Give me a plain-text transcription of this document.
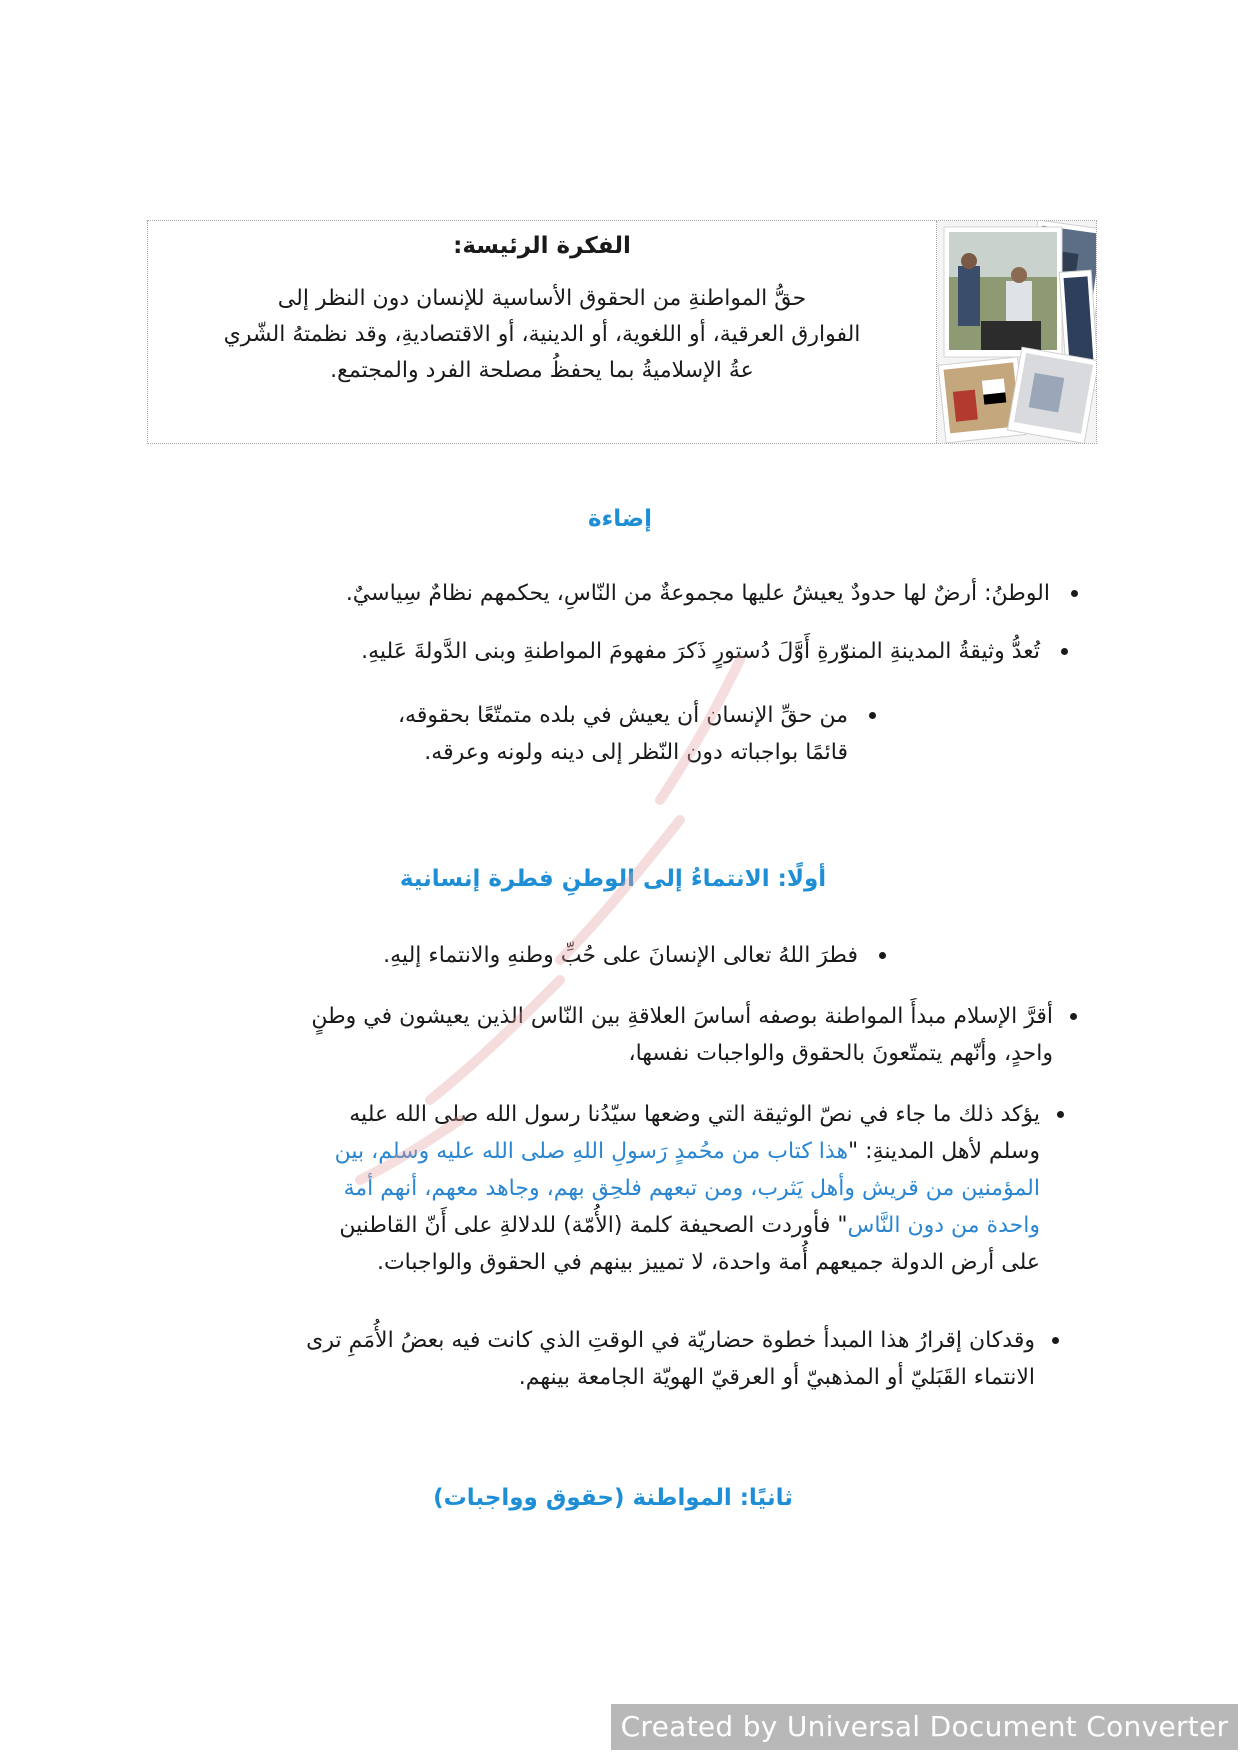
الفكرة الرئيسة:

حقُّ المواطنةِ من الحقوق الأساسية للإنسان دون النظر إلى
الفوارق العرقية، أو اللغوية، أو الدينية، أو الاقتصاديةِ، وقد نظمتهُ الشّري
عةُ الإسلاميةُ بما يحفظُ مصلحة الفرد والمجتمع.

إضاءة
الوطنُ: أرضٌ لها حدودٌ يعيشُ عليها مجموعةٌ من النّاسِ، يحكمهم نظامٌ سِياسيٌ.
تُعدُّ وثيقةُ المدينةِ المنوّرةِ أَوَّلَ دُستورٍ ذَكرَ مفهومَ المواطنةِ وبنى الدَّولةَ عَليهِ.
من حقِّ الإنسان أن يعيش في بلده متمتّعًا بحقوقه،
قائمًا بواجباته دون النّظر إلى دينه ولونه وعرقه.
أولًا: الانتماءُ إلى الوطنِ فطرة إنسانية
فطرَ اللهُ تعالى الإنسانَ على حُبِّ وطنهِ والانتماء إليهِ.
أقرَّ الإسلام مبدأَ المواطنة بوصفه أساسَ العلاقةِ بين النّاس الذين يعيشون في وطنٍ
واحدٍ، وأنّهم يتمتّعونَ بالحقوق والواجبات نفسها،
يؤكد ذلك ما جاء في نصّ الوثيقة التي وضعها سيّدُنا رسول الله صلى الله عليه
وسلم لأهل المدينةِ: "هذا كتاب من محُمدٍ رَسولِ اللهِ صلى الله عليه وسلم، بين
المؤمنين من قريش وأهل يَثرب، ومن تبعهم فلحِق بهم، وجاهد معهم، أنهم أمة
واحدة من دون النَّاس" فأوردت الصحيفة كلمة (الأُمّة) للدلالةِ على أَنّ القاطنين
على أرض الدولة جميعهم أُمة واحدة، لا تمييز بينهم في الحقوق والواجبات.
وقدكان إقرارُ هذا المبدأ خطوة حضاريّة في الوقتِ الذي كانت فيه بعضُ الأُمَمِ ترى
الانتماء القَبَليّ أو المذهبيّ أو العرقيّ الهويّة الجامعة بينهم.
ثانيًا: المواطنة (حقوق وواجبات)
Created by Universal Document Converter
